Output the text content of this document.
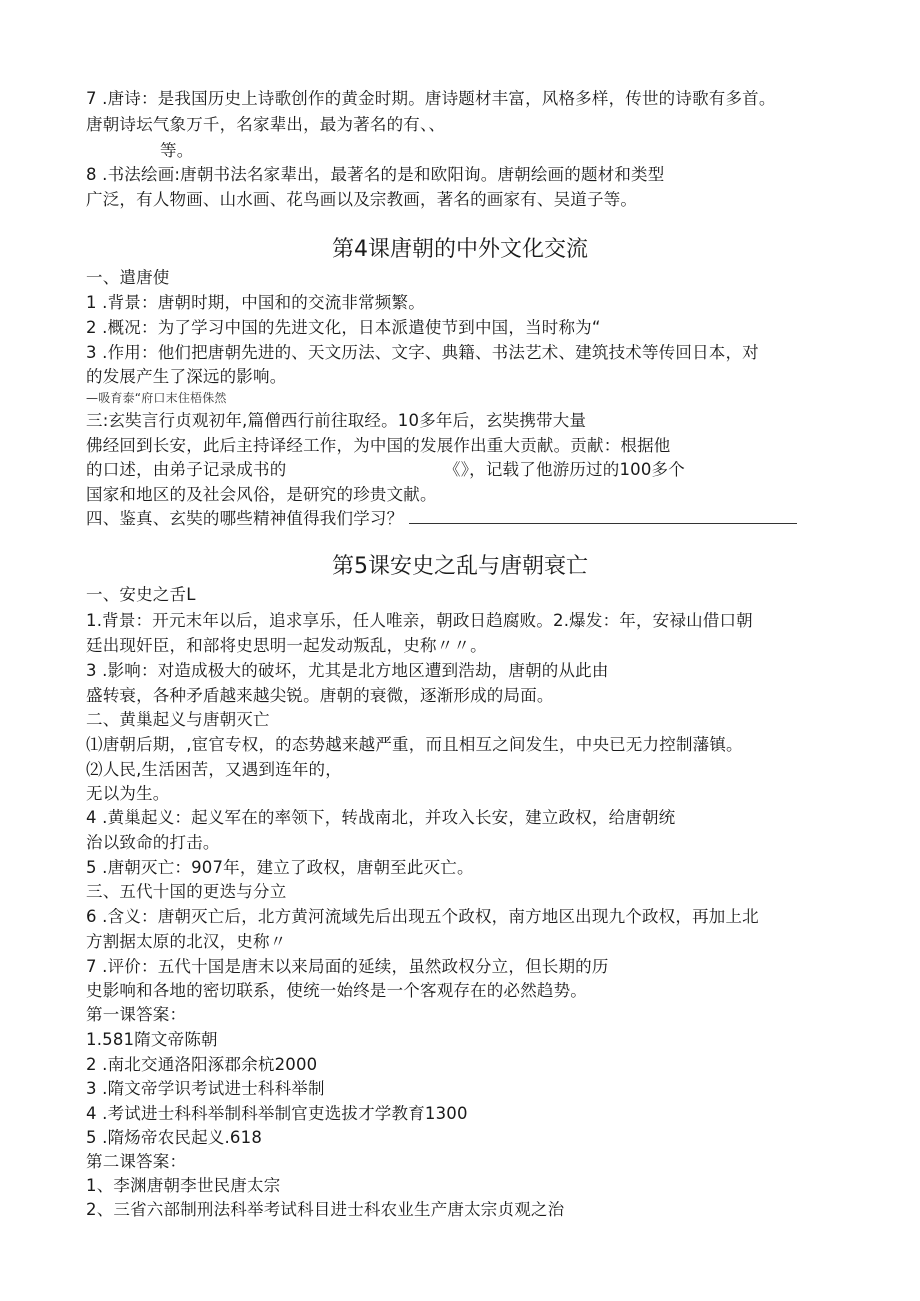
7 .唐诗：是我国历史上诗歌创作的黄金时期。唐诗题材丰富，风格多样，传世的诗歌有多首。
唐朝诗坛气象万千，名家辈出，最为著名的有、、
等。
8 .书法绘画:唐朝书法名家辈出，最著名的是和欧阳询。唐朝绘画的题材和类型
广泛，有人物画、山水画、花鸟画以及宗教画，著名的画家有、吴道子等。
第4课唐朝的中外文化交流
一、遣唐使
1 .背景：唐朝时期，中国和的交流非常频繁。
2 .概况：为了学习中国的先进文化，日本派遣使节到中国，当时称为“
3 .作用：他们把唐朝先进的、天文历法、文字、典籍、书法艺术、建筑技术等传回日本，对
的发展产生了深远的影响。
—吸育泰“府口末住梧侏然
三:玄奘言行贞观初年,篇僧西行前往取经。10多年后，玄奘携带大量
佛经回到长安，此后主持译经工作，为中国的发展作出重大贡献。贡献：根据他
的口述，由弟子记录成书的	《》，记载了他游历过的100多个
国家和地区的及社会风俗，是研究的珍贵文献。
四、鉴真、玄奘的哪些精神值得我们学习？
第5课安史之乱与唐朝衰亡
一、安史之舌L
1.背景：开元末年以后，追求享乐，任人唯亲，朝政日趋腐败。2.爆发：年，安禄山借口朝
廷出现奸臣，和部将史思明一起发动叛乱，史称〃〃。
3 .影响：对造成极大的破坏，尤其是北方地区遭到浩劫，唐朝的从此由
盛转衰，各种矛盾越来越尖锐。唐朝的衰微，逐渐形成的局面。
二、黄巢起义与唐朝灭亡
⑴唐朝后期，,宦官专权，的态势越来越严重，而且相互之间发生，中央已无力控制藩镇。
⑵人民,生活困苦，又遇到连年的，
无以为生。
4 .黄巢起义：起义军在的率领下，转战南北，并攻入长安，建立政权，给唐朝统
治以致命的打击。
5 .唐朝灭亡：907年，建立了政权，唐朝至此灭亡。
三、五代十国的更迭与分立
6 .含义：唐朝灭亡后，北方黄河流域先后出现五个政权，南方地区出现九个政权，再加上北
方割据太原的北汉，史称〃
7 .评价：五代十国是唐末以来局面的延续，虽然政权分立，但长期的历
史影响和各地的密切联系，使统一始终是一个客观存在的必然趋势。
第一课答案：
1.581隋文帝陈朝
2 .南北交通洛阳涿郡余杭2000
3 .隋文帝学识考试进士科科举制
4 .考试进士科科举制科举制官吏选拔才学教育1300
5 .隋炀帝农民起义.618
第二课答案：
1、李渊唐朝李世民唐太宗
2、三省六部制刑法科举考试科目进士科农业生产唐太宗贞观之治
